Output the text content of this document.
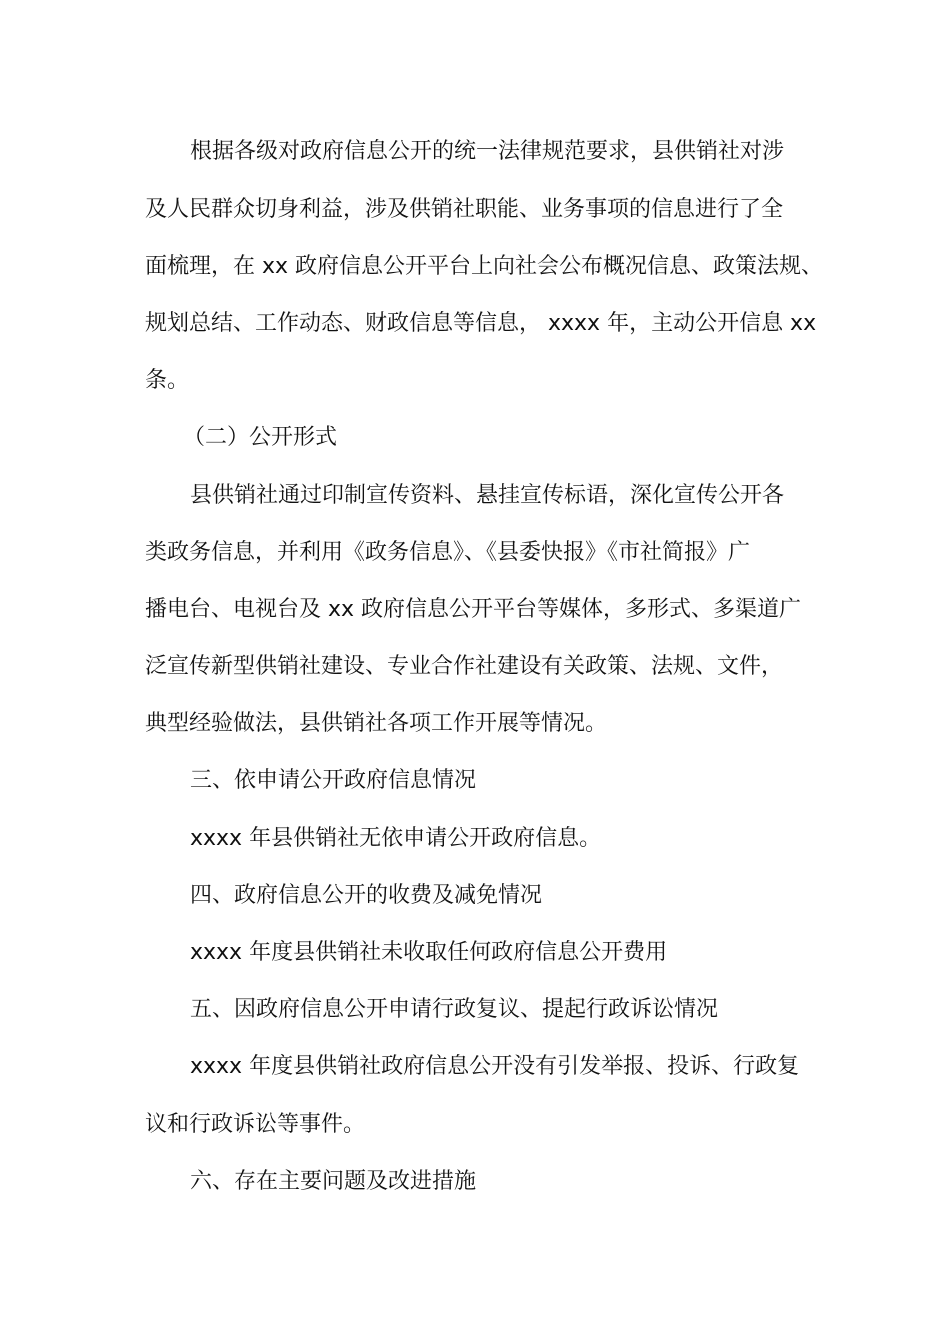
根据各级对政府信息公开的统一法律规范要求，县供销社对涉
及人民群众切身利益，涉及供销社职能、业务事项的信息进行了全
面梳理，在 xx 政府信息公开平台上向社会公布概况信息、政策法规、
规划总结、工作动态、财政信息等信息， xxxx 年，主动公开信息 xx
条。
（二）公开形式
县供销社通过印制宣传资料、悬挂宣传标语，深化宣传公开各
类政务信息，并利用《政务信息》、《县委快报》《市社简报》广
播电台、电视台及 xx 政府信息公开平台等媒体，多形式、多渠道广
泛宣传新型供销社建设、专业合作社建设有关政策、法规、文件，
典型经验做法，县供销社各项工作开展等情况。
三、依申请公开政府信息情况
xxxx 年县供销社无依申请公开政府信息。
四、政府信息公开的收费及减免情况
xxxx 年度县供销社未收取任何政府信息公开费用
五、因政府信息公开申请行政复议、提起行政诉讼情况
xxxx 年度县供销社政府信息公开没有引发举报、投诉、行政复
议和行政诉讼等事件。
六、存在主要问题及改进措施
